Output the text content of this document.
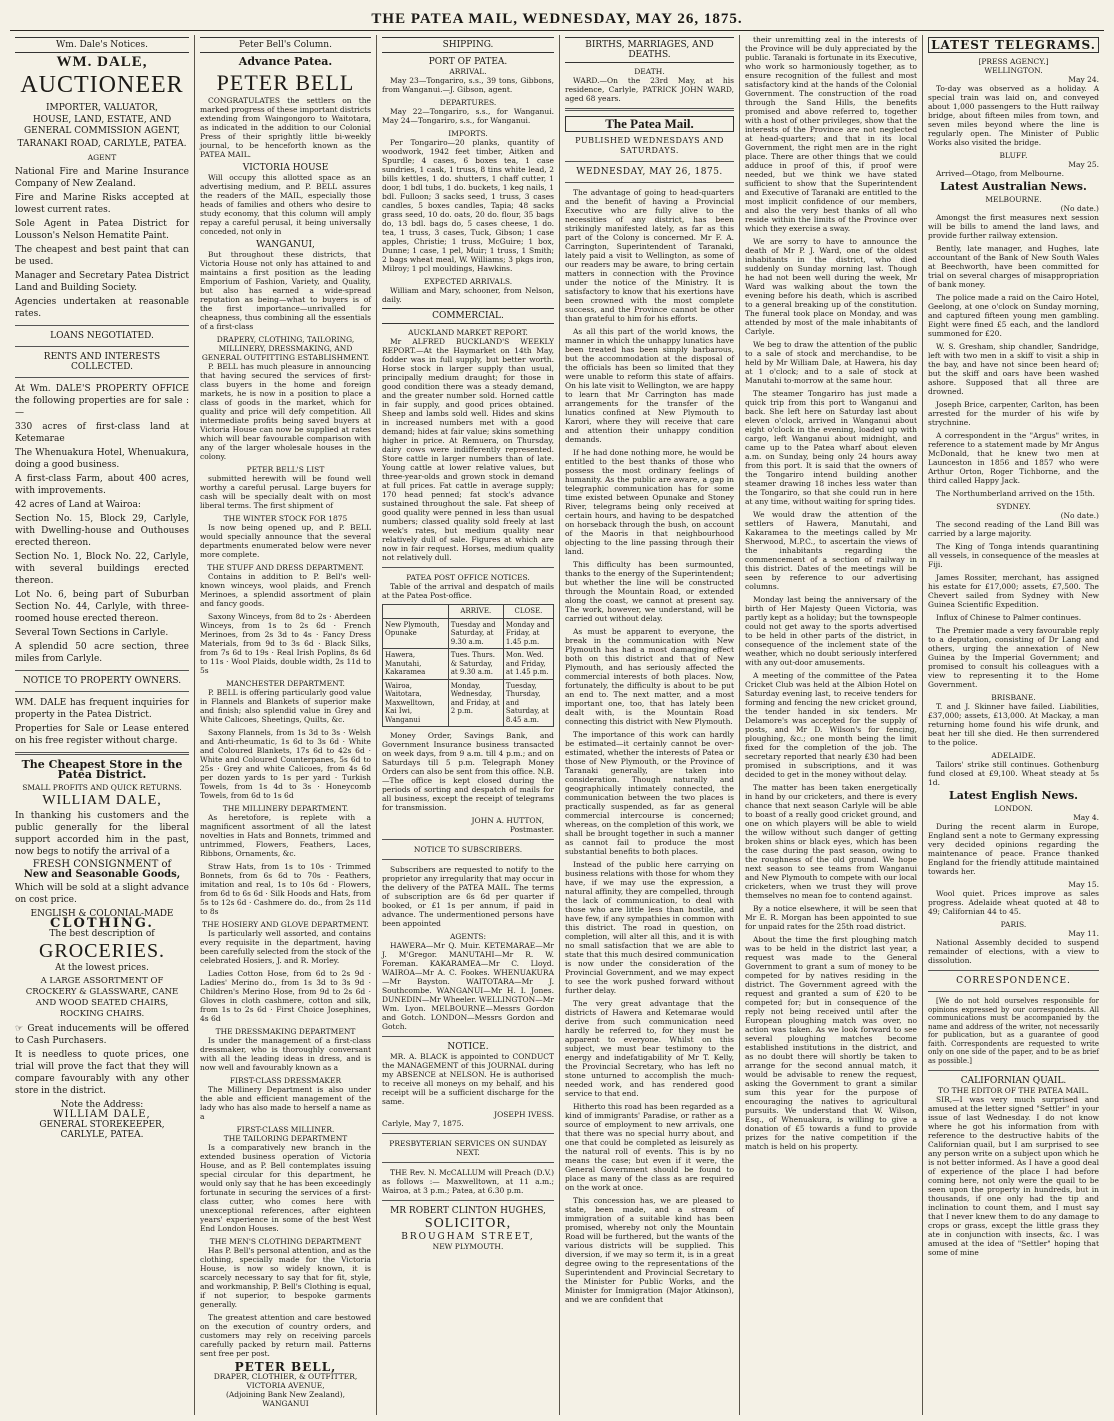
THE PATEA MAIL, WEDNESDAY, MAY 26, 1875.
Wm. Dale's Notices.
WM. DALE,
AUCTIONEER
IMPORTER, VALUATOR,
HOUSE, LAND, ESTATE, AND GENERAL COMMISSION AGENT,
TARANAKI ROAD, CARLYLE, PATEA.
AGENT
National Fire and Marine Insurance Company of New Zealand.
Fire and Marine Risks accepted at lowest current rates.
Sole Agent in Patea District for Lousson's Nelson Hematite Paint.
The cheapest and best paint that can be used.
Manager and Secretary Patea District Land and Building Society.
Agencies undertaken at reasonable rates.
LOANS NEGOTIATED.
RENTS AND INTERESTS COLLECTED.
At Wm. DALE'S PROPERTY OFFICE the following properties are for sale :—
330 acres of first-class land at Ketemarae
The Whenuakura Hotel, Whenuakura, doing a good business.
A first-class Farm, about 400 acres, with improvements.
42 acres of Land at Wairoa:
Section No. 15, Block 29, Carlyle, with Dwelling-house and Outhouses erected thereon.
Section No. 1, Block No. 22, Carlyle, with several buildings erected thereon.
Lot No. 6, being part of Suburban Section No. 44, Carlyle, with three-roomed house erected thereon.
Several Town Sections in Carlyle.
A splendid 50 acre section, three miles from Carlyle.
NOTICE TO PROPERTY OWNERS.
WM. DALE has frequent inquiries for property in the Patea District.
Properties for Sale or Lease entered on his free register without charge.
The Cheapest Store in the Patea District.
SMALL PROFITS AND QUICK RETURNS.
WILLIAM DALE,
In thanking his customers and the public generally for the liberal support accorded him in the past, now begs to notify the arrival of a
FRESH CONSIGNMENT of
New and Seasonable Goods,
Which will be sold at a slight advance on cost price.
ENGLISH & COLONIAL-MADE
CLOTHING.
The best description of
GROCERIES.
At the lowest prices.
A LARGE ASSORTMENT OF CROCKERY & GLASSWARE, CANE AND WOOD SEATED CHAIRS, ROCKING CHAIRS.
☞ Great inducements will be offered to Cash Purchasers.
It is needless to quote prices, one trial will prove the fact that they will compare favourably with any other store in the district.
Note the Address:
WILLIAM DALE,
GENERAL STOREKEEPER,
CARLYLE, PATEA.
Peter Bell's Column.
Advance Patea.
PETER BELL
CONGRATULATES the settlers on the marked progress of these important districts extending from Waingongoro to Waitotara, as indicated in the addition to our Colonial Press of their sprightly little bi-weekly journal, to be henceforth known as the PATEA MAIL.
VICTORIA HOUSE
Will occupy this allotted space as an advertising medium, and P. BELL assures the readers of the MAIL, especially those heads of families and others who desire to study economy, that this column will amply repay a careful perusal, it being universally conceded, not only in
WANGANUI,
But throughout these districts, that Victoria House not only has attained to and maintains a first position as the leading Emporium of Fashion, Variety, and Quality, but also has earned a wide-spread reputation as being—what to buyers is of the first importance—unrivalled for cheapness, thus combining all the essentials of a first-class
DRAPERY, CLOTHING, TAILORING, MILLINERY, DRESSMAKING, AND GENERAL OUTFITTING ESTABLISHMENT.
P. BELL has much pleasure in announcing that having secured the services of first-class buyers in the home and foreign markets, he is now in a position to place a class of goods in the market, which for quality and price will defy competition. All intermediate profits being saved buyers at Victoria House can now be supplied at rates which will bear favourable comparison with any of the larger wholesale houses in the colony.
PETER BELL'S LIST
submitted herewith will be found well worthy a careful perusal. Large buyers for cash will be specially dealt with on most liberal terms. The first shipment of
THE WINTER STOCK FOR 1875
Is now being opened up, and P. BELL would specially announce that the several departments enumerated below were never more complete.
THE STUFF AND DRESS DEPARTMENT.
Contains in addition to P. Bell's well-known winceys, wool plaids, and French Merinoes, a splendid assortment of plain and fancy goods.
Saxony Winceys, from 8d to 2s · Aberdeen Winceys, from 1s to 2s 6d · French Merinoes, from 2s 3d to 4s · Fancy Dress Materials, from 9d to 3s 6d · Black Silks, from 7s 6d to 19s · Real Irish Poplins, 8s 6d to 11s · Wool Plaids, double width, 2s 11d to 5s
MANCHESTER DEPARTMENT.
P. BELL is offering particularly good value in Flannels and Blankets of superior make and finish; also splendid value in Grey and White Calicoes, Sheetings, Quilts, &c.
Saxony Flannels, from 1s 3d to 3s · Welsh and Anti-rheumatic, 1s 6d to 3s 6d · White and Coloured Blankets, 17s 6d to 42s 6d · White and Coloured Counterpanes, 5s 6d to 25s · Grey and white Calicoes, from 4s 6d per dozen yards to 1s per yard · Turkish Towels, from 1s 4d to 3s · Honeycomb Towels, from 6d to 1s 6d
THE MILLINERY DEPARTMENT.
As heretofore, is replete with a magnificent assortment of all the latest novelties in Hats and Bonnets, trimmed and untrimmed, Flowers, Feathers, Laces, Ribbons, Ornaments, &c.
Straw Hats, from 1s to 10s · Trimmed Bonnets, from 6s 6d to 70s · Feathers, imitation and real, 1s to 10s 6d · Flowers, from 6d to 6s 6d · Silk Hoods and Hats, from 5s to 12s 6d · Cashmere do. do., from 2s 11d to 8s
THE HOSIERY AND GLOVE DEPARTMENT.
Is particularly well assorted, and contains every requisite in the department, having been carefully selected from the stock of the celebrated Hosiers, J. and R. Morley.
Ladies Cotton Hose, from 6d to 2s 9d · Ladies' Merino do., from 1s 3d to 3s 9d · Children's Merino Hose, from 9d to 2s 6d · Gloves in cloth cashmere, cotton and silk, from 1s to 2s 6d · First Choice Josephines, 4s 6d
THE DRESSMAKING DEPARTMENT
Is under the management of a first-class dressmaker, who is thoroughly conversant with all the leading ideas in dress, and is now well and favourably known as a
FIRST-CLASS DRESSMAKER
The Millinery Department is also under the able and efficient management of the lady who has also made to herself a name as a
FIRST-CLASS MILLINER.
THE TAILORING DEPARTMENT
Is a comparatively new branch in the extended business operation of Victoria House, and as P. Bell contemplates issuing special circular for this department, he would only say that he has been exceedingly fortunate in securing the services of a first-class cutter, who comes here with unexceptional references, after eighteen years' experience in some of the best West End London Houses.
THE MEN'S CLOTHING DEPARTMENT
Has P. Bell's personal attention, and as the clothing, specially made for the Victoria House, is now so widely known, it is scarcely necessary to say that for fit, style, and workmanship, P. Bell's Clothing is equal, if not superior, to bespoke garments generally.
The greatest attention and care bestowed on the execution of country orders, and customers may rely on receiving parcels carefully packed by return mail. Patterns sent free per post.
PETER BELL,
DRAPER, CLOTHIER, & OUTFITTER,
VICTORIA AVENUE,
(Adjoining Bank New Zealand),
WANGANUI
SHIPPING.
PORT OF PATEA.
ARRIVAL.
May 23—Tongariro, s.s., 39 tons, Gibbons, from Wanganui.—J. Gibson, agent.
DEPARTURES.
May 22—Tongariro, s.s., for Wanganui. May 24—Tongariro, s.s., for Wanganui.
IMPORTS.
Per Tongariro—20 planks, quantity of woodwork, 1942 feet timber, Aitken and Spurdle; 4 cases, 6 boxes tea, 1 case sundries, 1 cask, 1 truss, 8 tins white lead, 2 bills kettles, 1 do. shutters, 1 chaff cutter, 1 door, 1 bdl tubs, 1 do. buckets, 1 keg nails, 1 bdl. Fulloon; 3 sacks seed, 1 truss, 3 cases candles, 5 boxes candles, Tapia; 48 sacks grass seed, 10 do. oats, 20 do. flour, 35 bags do, 13 bdl. bags do, 5 cases cheese, 1 do. tea, 1 truss, 3 cases, Tuck, Gibson; 1 case apples, Christie; 1 truss, McGuire; 1 box, Dunne; 1 case, 1 pel, Muir; 1 truss, 1 Smith; 2 bags wheat meal, W. Williams; 3 pkgs iron, Milroy; 1 pcl mouldings, Hawkins.
EXPECTED ARRIVALS.
William and Mary, schooner, from Nelson, daily.
COMMERCIAL.
AUCKLAND MARKET REPORT.
Mr ALFRED BUCKLAND'S WEEKLY REPORT.—At the Haymarket on 14th May, fodder was in full supply, but better worth. Horse stock in larger supply than usual, principally medium draught; for those in good condition there was a steady demand, and the greater number sold. Horned cattle in fair supply, and good prices obtained. Sheep and lambs sold well. Hides and skins in increased numbers met with a good demand; hides at fair value; skins something higher in price. At Remuera, on Thursday, dairy cows were indifferently represented. Store cattle in larger numbers than of late. Young cattle at lower relative values, but three-year-olds and grown stock in demand at full prices. Fat cattle in average supply; 170 head penned; fat stock's advance sustained throughout the sale. Fat sheep of good quality were penned in less than usual numbers; classed quality sold freely at last week's rates, but medium quality near relatively dull of sale. Figures at which are now in fair request. Horses, medium quality not relatively dull.
PATEA POST OFFICE NOTICES.
Table of the arrival and despatch of mails at the Patea Post-office.
	ARRIVE.	CLOSE.
New Plymouth, Opunake	Tuesday and Saturday, at 9.30 a.m.	Monday and Friday, at 1.45 p.m.
Hawera, Manutahi, Kakaramea	Tues. Thurs. & Saturday, at 9.30 a.m.	Mon. Wed. and Friday, at 1.45 p.m.
Wairoa, Waitotara, Maxwelltown, Kai Iwi, Wanganui	Monday, Wednesday, and Friday, at 2 p.m.	Tuesday, Thursday, and Saturday, at 8.45 a.m.
Money Order, Savings Bank, and Government Insurance business transacted on week days, from 9 a.m. till 4 p.m.; and on Saturdays till 5 p.m. Telegraph Money Orders can also be sent from this office. N.B.—The office is kept closed during the periods of sorting and despatch of mails for all business, except the receipt of telegrams for transmission.
JOHN A. HUTTON,
Postmaster.
NOTICE TO SUBSCRIBERS.
Subscribers are requested to notify to the proprietor any irregularity that may occur in the delivery of the PATEA MAIL. The terms of subscription are 6s 6d per quarter if booked, or £1 1s per annum, if paid in advance. The undermentioned persons have been appointed
AGENTS:
HAWERA—Mr Q. Muir. KETEMARAE—Mr J. M'Gregor. MANUTAHI—Mr R. W. Foreman. KAKARAMEA—Mr C. Lloyd. WAIROA—Mr A. C. Fookes. WHENUAKURA—Mr Bayston. WAITOTARA—Mr J. Southcombe. WANGANUI—Mr H. I. Jones. DUNEDIN—Mr Wheeler. WELLINGTON—Mr Wm. Lyon. MELBOURNE—Messrs Gordon and Gotch. LONDON—Messrs Gordon and Gotch.
NOTICE.
MR. A. BLACK is appointed to CONDUCT the MANAGEMENT of this JOURNAL during my ABSENCE at NELSON. He is authorised to receive all moneys on my behalf, and his receipt will be a sufficient discharge for the same.
JOSEPH IVESS.
Carlyle, May 7, 1875.
PRESBYTERIAN SERVICES ON SUNDAY NEXT.
THE Rev. N. McCALLUM will Preach (D.V.) as follows :— Maxwelltown, at 11 a.m.; Wairoa, at 3 p.m.; Patea, at 6.30 p.m.
MR ROBERT CLINTON HUGHES,
SOLICITOR,
BROUGHAM STREET,
NEW PLYMOUTH.
BIRTHS, MARRIAGES, AND DEATHS.
DEATH.
WARD.—On the 23rd May, at his residence, Carlyle, PATRICK JOHN WARD, aged 68 years.
The Patea Mail.
PUBLISHED WEDNESDAYS AND SATURDAYS.
WEDNESDAY, MAY 26, 1875.
The advantage of going to head-quarters and the benefit of having a Provincial Executive who are fully alive to the necessities of any district, has been strikingly manifested lately, as far as this part of the Colony is concerned. Mr F. A. Carrington, Superintendent of Taranaki, lately paid a visit to Wellington, as some of our readers may be aware, to bring certain matters in connection with the Province under the notice of the Ministry. It is satisfactory to know that his exertions have been crowned with the most complete success, and the Province cannot be other than grateful to him for his efforts.
As all this part of the world knows, the manner in which the unhappy lunatics have been treated has been simply barbarous, but the accommodation at the disposal of the officials has been so limited that they were unable to reform this state of affairs. On his late visit to Wellington, we are happy to learn that Mr Carrington has made arrangements for the transfer of the lunatics confined at New Plymouth to Karori, where they will receive that care and attention their unhappy condition demands.
If he had done nothing more, he would be entitled to the best thanks of those who possess the most ordinary feelings of humanity. As the public are aware, a gap in telegraphic communication has for some time existed between Opunake and Stoney River, telegrams being only received at certain hours, and having to be despatched on horseback through the bush, on account of the Maoris in that neighbourhood objecting to the line passing through their land.
This difficulty has been surmounted, thanks to the energy of the Superintendent; but whether the line will be constructed through the Mountain Road, or extended along the coast, we cannot at present say. The work, however, we understand, will be carried out without delay.
As must be apparent to everyone, the break in the communication with New Plymouth has had a most damaging effect both on this district and that of New Plymouth, and has seriously affected the commercial interests of both places. Now, fortunately, the difficulty is about to be put an end to. The next matter, and a most important one, too, that has lately been dealt with, is the Mountain Road connecting this district with New Plymouth.
The importance of this work can hardly be estimated—it certainly cannot be over-estimated, whether the interests of Patea or those of New Plymouth, or the Province of Taranaki generally, are taken into consideration. Though naturally and geographically intimately connected, the communication between the two places is practically suspended, as far as general commercial intercourse is concerned; whereas, on the completion of this work, we shall be brought together in such a manner as cannot fail to produce the most substantial benefits to both places.
Instead of the public here carrying on business relations with those for whom they have, if we may use the expression, a natural affinity, they are compelled, through the lack of communication, to deal with those who are little less than hostile, and have few, if any sympathies in common with this district. The road in question, on completion, will alter all this, and it is with no small satisfaction that we are able to state that this much desired communication is now under the consideration of the Provincial Government, and we may expect to see the work pushed forward without further delay.
The very great advantage that the districts of Hawera and Ketemarae would derive from such communication need hardly be referred to, for they must be apparent to everyone. Whilst on this subject, we must bear testimony to the energy and indefatigability of Mr T. Kelly, the Provincial Secretary, who has left no stone unturned to accomplish the much-needed work, and has rendered good service to that end.
Hitherto this road has been regarded as a kind of immigrants' Paradise, or rather as a source of employment to new arrivals, one that there was no special hurry about, and one that could be completed as leisurely as the natural roll of events. This is by no means the case; but even if it were, the General Government should be found to place as many of the class as are required on the work at once.
This concession has, we are pleased to state, been made, and a stream of immigration of a suitable kind has been promised, whereby not only the Mountain Road will be furthered, but the wants of the various districts will be supplied. This diversion, if we may so term it, is in a great degree owing to the representations of the Superintendent and Provincial Secretary to the Minister for Public Works, and the Minister for Immigration (Major Atkinson), and we are confident that
their unremitting zeal in the interests of the Province will be duly appreciated by the public. Taranaki is fortunate in its Executive, who work so harmoniously together, as to ensure recognition of the fullest and most satisfactory kind at the hands of the Colonial Government. The construction of the road through the Sand Hills, the benefits promised and above referred to, together with a host of other privileges, show that the interests of the Province are not neglected at head-quarters; and that in its local Government, the right men are in the right place. There are other things that we could adduce in proof of this, if proof were needed, but we think we have stated sufficient to show that the Superintendent and Executive of Taranaki are entitled to the most implicit confidence of our members, and also the very best thanks of all who reside within the limits of the Province over which they exercise a sway.
We are sorry to have to announce the death of Mr P. J. Ward, one of the oldest inhabitants in the district, who died suddenly on Sunday morning last. Though he had not been well during the week, Mr Ward was walking about the town the evening before his death, which is ascribed to a general breaking up of the constitution. The funeral took place on Monday, and was attended by most of the male inhabitants of Carlyle.
We beg to draw the attention of the public to a sale of stock and merchandise, to be held by Mr William Dale, at Hawera, his day at 1 o'clock; and to a sale of stock at Manutahi to-morrow at the same hour.
The steamer Tongariro has just made a quick trip from this port to Wanganui and back. She left here on Saturday last about eleven o'clock, arrived in Wanganui about eight o'clock in the evening, loaded up with cargo, left Wanganui about midnight, and came up to the Patea wharf about eleven a.m. on Sunday, being only 24 hours away from this port. It is said that the owners of the Tongariro intend building another steamer drawing 18 inches less water than the Tongariro, so that she could run in here at any time, without waiting for spring tides.
We would draw the attention of the settlers of Hawera, Manutahi, and Kakaramea to the meetings called by Mr Sherwood, M.P.C., to ascertain the views of the inhabitants regarding the commencement of a section of railway in this district. Dates of the meetings will be seen by reference to our advertising columns.
Monday last being the anniversary of the birth of Her Majesty Queen Victoria, was partly kept as a holiday; but the townspeople could not get away to the sports advertised to be held in other parts of the district, in consequence of the inclement state of the weather, which no doubt seriously interfered with any out-door amusements.
A meeting of the committee of the Patea Cricket Club was held at the Albion Hotel on Saturday evening last, to receive tenders for forming and fencing the new cricket ground, the tender handed in six tenders. Mr Delamore's was accepted for the supply of posts, and Mr D. Wilson's for fencing, ploughing, &c.; one month being the limit fixed for the completion of the job. The secretary reported that nearly £30 had been promised in subscriptions, and it was decided to get in the money without delay.
The matter has been taken energetically in hand by our cricketers, and there is every chance that next season Carlyle will be able to boast of a really good cricket ground, and one on which players will be able to wield the willow without such danger of getting broken shins or black eyes, which has been the case during the past season, owing to the roughness of the old ground. We hope next season to see teams from Wanganui and New Plymouth to compete with our local cricketers, when we trust they will prove themselves no mean foe to contend against.
By a notice elsewhere, it will be seen that Mr E. R. Morgan has been appointed to sue for unpaid rates for the 25th road district.
About the time the first ploughing match was to be held in the district last year, a request was made to the General Government to grant a sum of money to be competed for by natives residing in the district. The Government agreed with the request and granted a sum of £20 to be competed for; but in consequence of the reply not being received until after the European ploughing match was over, no action was taken. As we look forward to see several ploughing matches become established institutions in the district, and as no doubt there will shortly be taken to arrange for the second annual match, it would be advisable to renew the request, asking the Government to grant a similar sum this year for the purpose of encouraging the natives to agricultural pursuits. We understand that W. Wilson, Esq., of Whenuakura, is willing to give a donation of £5 towards a fund to provide prizes for the native competition if the match is held on his property.
LATEST TELEGRAMS.
[PRESS AGENCY.]
WELLINGTON.
May 24.
To-day was observed as a holiday. A special train was laid on, and conveyed about 1,000 passengers to the Hutt railway bridge, about fifteen miles from town, and seven miles beyond where the line is regularly open. The Minister of Public Works also visited the bridge.
BLUFF.
May 25.
Arrived—Otago, from Melbourne.
Latest Australian News.
MELBOURNE.
(No date.)
Amongst the first measures next session will be bills to amend the land laws, and provide further railway extension.
Bently, late manager, and Hughes, late accountant of the Bank of New South Wales at Beechworth, have been committed for trial on several charges of misappropriation of bank money.
The police made a raid on the Cairo Hotel, Geelong, at one o'clock on Sunday morning, and captured fifteen young men gambling. Eight were fined £5 each, and the landlord summoned for £20.
W. S. Gresham, ship chandler, Sandridge, left with two men in a skiff to visit a ship in the bay, and have not since been heard of; but the skiff and oars have been washed ashore. Supposed that all three are drowned.
Joseph Brice, carpenter, Carlton, has been arrested for the murder of his wife by strychnine.
A correspondent in the "Argus" writes, in reference to a statement made by Mr Angus McDonald, that he knew two men at Launceston in 1856 and 1857 who were Arthur Orton, Roger Tichborne, and the third called Happy Jack.
The Northumberland arrived on the 15th.
SYDNEY.
(No date.)
The second reading of the Land Bill was carried by a large majority.
The King of Tonga intends quarantining all vessels, in consequence of the measles at Fiji.
James Rossiter, merchant, has assigned his estate for £17,000; assets, £7,500. The Chevert sailed from Sydney with New Guinea Scientific Expedition.
Influx of Chinese to Palmer continues.
The Premier made a very favourable reply to a deputation, consisting of Dr Lang and others, urging the annexation of New Guinea by the Imperial Government; and promised to consult his colleagues with a view to representing it to the Home Government.
BRISBANE.
T. and J. Skinner have failed. Liabilities, £37,000; assets, £13,000. At Mackay, a man returning home found his wife drunk, and beat her till she died. He then surrendered to the police.
ADELAIDE.
Tailors' strike still continues. Gothenburg fund closed at £9,100. Wheat steady at 5s 1d.
Latest English News.
LONDON.
May 4.
During the recent alarm in Europe, England sent a note to Germany expressing very decided opinions regarding the maintenance of peace. France thanked England for the friendly attitude maintained towards her.
May 15.
Wool quiet. Prices improve as sales progress. Adelaide wheat quoted at 48 to 49; Californian 44 to 45.
PARIS.
May 11.
National Assembly decided to suspend remainder of elections, with a view to dissolution.
CORRESPONDENCE.
[We do not hold ourselves responsible for opinions expressed by our correspondents. All communications must be accompanied by the name and address of the writer, not necessarily for publication, but as a guarantee of good faith. Correspondents are requested to write only on one side of the paper, and to be as brief as possible.]
CALIFORNIAN QUAIL.
TO THE EDITOR OF THE PATEA MAIL.
SIR,—I was very much surprised and amused at the letter signed "Settler" in your issue of last Wednesday. I do not know where he got his information from with reference to the destructive habits of the Californian quail, but I am surprised to see any person write on a subject upon which he is not better informed. As I have a good deal of experience of the place I had before coming here, not only were the quail to be seen upon the property in hundreds, but in thousands, if one only had the tip and inclination to count them, and I must say that I never knew them to do any damage to crops or grass, except the little grass they ate in conjunction with insects, &c. I was amused at the idea of "Settler" hoping that some of mine
